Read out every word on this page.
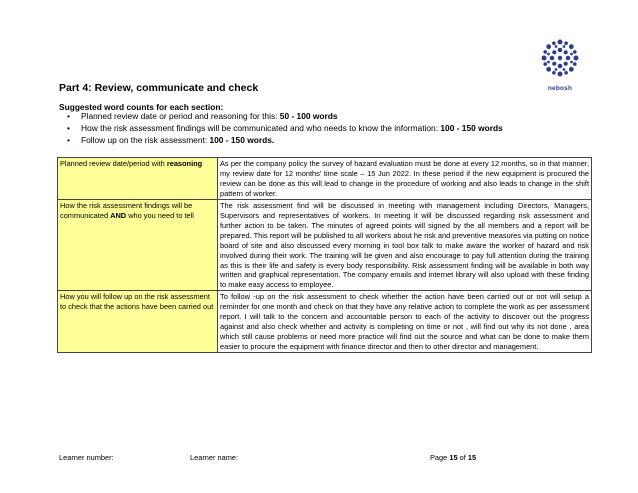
nebosh
Part 4: Review, communicate and check
Suggested word counts for each section:
• Planned review date or period and reasoning for this: 50 - 100 words
• How the risk assessment findings will be communicated and who needs to know the information: 100 - 150 words
• Follow up on the risk assessment: 100 - 150 words.
Planned review date/period with reasoning	As per the company policy the survey of hazard evaluation must be done at every 12 months, so in that manner, my review date for 12 months' time scale – 15 Jun 2022. In these period if the new equipment is procured the review can be done as this will lead to change in the procedure of working and also leads to change in the shift pattern of worker.
How the risk assessment findings will be communicated AND who you need to tell	The risk assessment find will be discussed in meeting with management including Directors, Managers, Supervisors and representatives of workers. In meeting it will be discussed regarding risk assessment and further action to be taken. The minutes of agreed points will signed by the all members and a report will be prepared. This report will be published to all workers about he risk and preventive measures via putting on notice board of site and also discussed every morning in tool box talk to make aware the worker of hazard and risk involved during their work. The training will be given and also encourage to pay full attention during the training as this is their life and safety is every body responsibility. Risk assessment finding will be available in both way written and graphical representation. The company emails and internet library will also upload with these finding to make easy access to employee.
How you will follow up on the risk assessment to check that the actions have been carried out	To follow -up on the risk assessment to check whether the action have been carried out or not will setup a reminder for one month and check on that they have any relative action to complete the work as per assessment report. I will talk to the concern and accountable person to each of the activity to discover out the progress against and also check whether and activity is completing on time or not , will find out why its not done , area which still cause problems or need more practice will find out the source and what can be done to make them easier to procure the equipment with finance director and then to other director and management.
Learner number:	Learner name:	Page 15 of 15
